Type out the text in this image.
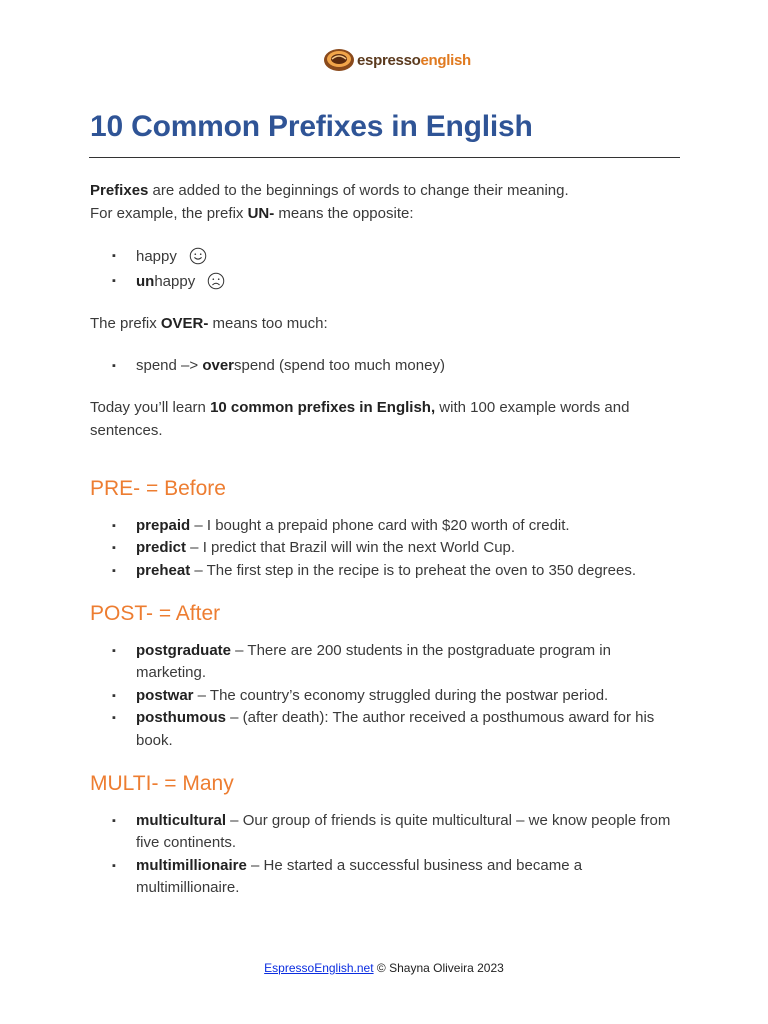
espressoenglish
10 Common Prefixes in English

Prefixes are added to the beginnings of words to change their meaning.
For example, the prefix UN- means the opposite:

▪ happy
▪ unhappy

The prefix OVER- means too much:

▪ spend –> overspend (spend too much money)

Today you’ll learn 10 common prefixes in English, with 100 example words and sentences.

PRE- = Before
▪ prepaid – I bought a prepaid phone card with $20 worth of credit.
▪ predict – I predict that Brazil will win the next World Cup.
▪ preheat – The first step in the recipe is to preheat the oven to 350 degrees.
POST- = After
▪ postgraduate – There are 200 students in the postgraduate program in marketing.
▪ postwar – The country’s economy struggled during the postwar period.
▪ posthumous – (after death): The author received a posthumous award for his book.
MULTI- = Many
▪ multicultural – Our group of friends is quite multicultural – we know people from five continents.
▪ multimillionaire – He started a successful business and became a multimillionaire.
EspressoEnglish.net © Shayna Oliveira 2023
